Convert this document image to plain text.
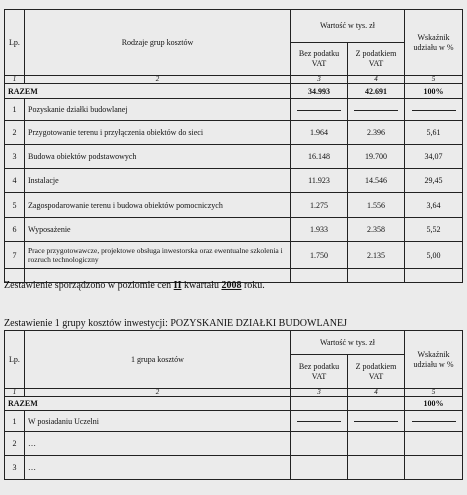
Lp.	Rodzaje grup kosztów	Wartość w tys. zł		Wskaźnik udziału w %
		Bez podatku VAT	Z podatkiem VAT	
1	2	3	4	5
RAZEM		34.993	42.691	100%
1	Pozyskanie działki budowlanej			
2	Przygotowanie terenu i przyłączenia obiektów do sieci	1.964	2.396	5,61
3	Budowa obiektów podstawowych	16.148	19.700	34,07
4	Instalacje	11.923	14.546	29,45
5	Zagospodarowanie terenu i budowa obiektów pomocniczych	1.275	1.556	3,64
6	Wyposażenie	1.933	2.358	5,52
7	Prace przygotowawcze, projektowe obsługa inwestorska oraz ewentualne szkolenia i rozruch technologiczny	1.750	2.135	5,00

Zestawienie sporządzono w poziomie cen II kwartału 2008 roku.
Zestawienie 1 grupy kosztów inwestycji: POZYSKANIE DZIAŁKI BUDOWLANEJ
Lp.	1 grupa kosztów	Wartość w tys. zł		Wskaźnik udziału w %
		Bez podatku VAT	Z podatkiem VAT	
1	2	3	4	5
RAZEM				100%
1	W posiadaniu Uczelni			
2	…			
3	…			
